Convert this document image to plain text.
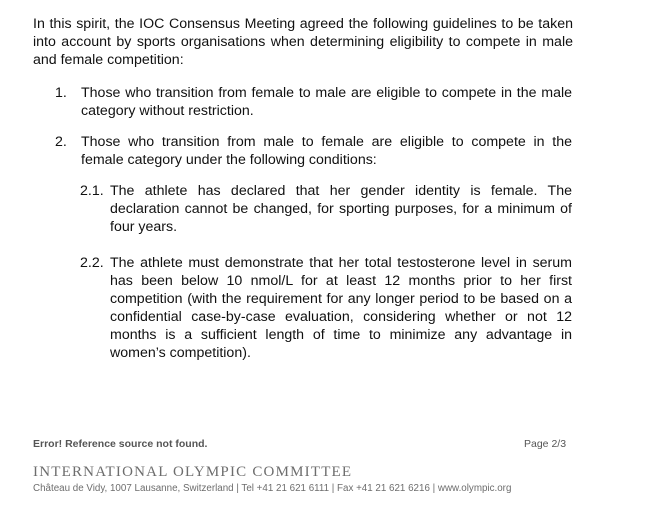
In this spirit, the IOC Consensus Meeting agreed the following guidelines to be taken into account by sports organisations when determining eligibility to compete in male and female competition:
1. Those who transition from female to male are eligible to compete in the male category without restriction.
2. Those who transition from male to female are eligible to compete in the female category under the following conditions:
2.1. The athlete has declared that her gender identity is female. The declaration cannot be changed, for sporting purposes, for a minimum of four years.
2.2. The athlete must demonstrate that her total testosterone level in serum has been below 10 nmol/L for at least 12 months prior to her first competition (with the requirement for any longer period to be based on a confidential case-by-case evaluation, considering whether or not 12 months is a sufficient length of time to minimize any advantage in women’s competition).
Error! Reference source not found.	Page 2/3
INTERNATIONAL OLYMPIC COMMITTEE
Château de Vidy, 1007 Lausanne, Switzerland | Tel +41 21 621 6111 | Fax +41 21 621 6216 | www.olympic.org
